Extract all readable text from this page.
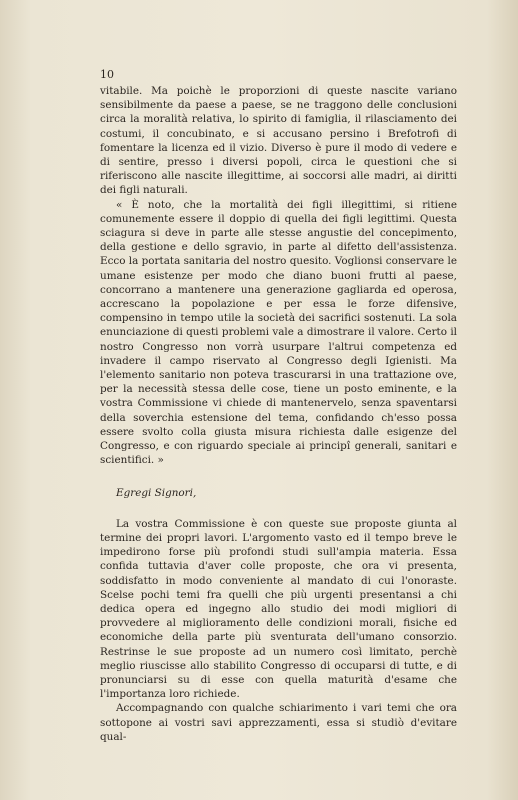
10

vitabile. Ma poichè le proporzioni di queste nascite variano sensibilmente da paese a paese, se ne traggono delle conclusioni circa la moralità relativa, lo spirito di famiglia, il rilasciamento dei costumi, il concubinato, e si accusano persino i Brefotrofi di fomentare la licenza ed il vizio. Diverso è pure il modo di vedere e di sentire, presso i diversi popoli, circa le questioni che si riferiscono alle nascite illegittime, ai soccorsi alle madri, ai diritti dei figli naturali.

« È noto, che la mortalità dei figli illegittimi, si ritiene comunemente essere il doppio di quella dei figli legittimi. Questa sciagura si deve in parte alle stesse angustie del concepimento, della gestione e dello sgravio, in parte al difetto dell'assistenza. Ecco la portata sanitaria del nostro quesito. Voglionsi conservare le umane esistenze per modo che diano buoni frutti al paese, concorrano a mantenere una generazione gagliarda ed operosa, accrescano la popolazione e per essa le forze difensive, compensino in tempo utile la società dei sacrifici sostenuti. La sola enunciazione di questi problemi vale a dimostrare il valore. Certo il nostro Congresso non vorrà usurpare l'altrui competenza ed invadere il campo riservato al Congresso degli Igienisti. Ma l'elemento sanitario non poteva trascurarsi in una trattazione ove, per la necessità stessa delle cose, tiene un posto eminente, e la vostra Commissione vi chiede di mantenervelo, senza spaventarsi della soverchia estensione del tema, confidando ch'esso possa essere svolto colla giusta misura richiesta dalle esigenze del Congresso, e con riguardo speciale ai principî generali, sanitari e scientifici. »

Egregi Signori,

La vostra Commissione è con queste sue proposte giunta al termine dei propri lavori. L'argomento vasto ed il tempo breve le impedirono forse più profondi studi sull'ampia materia. Essa confida tuttavia d'aver colle proposte, che ora vi presenta, soddisfatto in modo conveniente al mandato di cui l'onoraste. Scelse pochi temi fra quelli che più urgenti presentansi a chi dedica opera ed ingegno allo studio dei modi migliori di provvedere al miglioramento delle condizioni morali, fisiche ed economiche della parte più sventurata dell'umano consorzio. Restrinse le sue proposte ad un numero così limitato, perchè meglio riuscisse allo stabilito Congresso di occuparsi di tutte, e di pronunciarsi su di esse con quella maturità d'esame che l'importanza loro richiede.

Accompagnando con qualche schiarimento i vari temi che ora sottopone ai vostri savi apprezzamenti, essa si studiò d'evitare qual-
